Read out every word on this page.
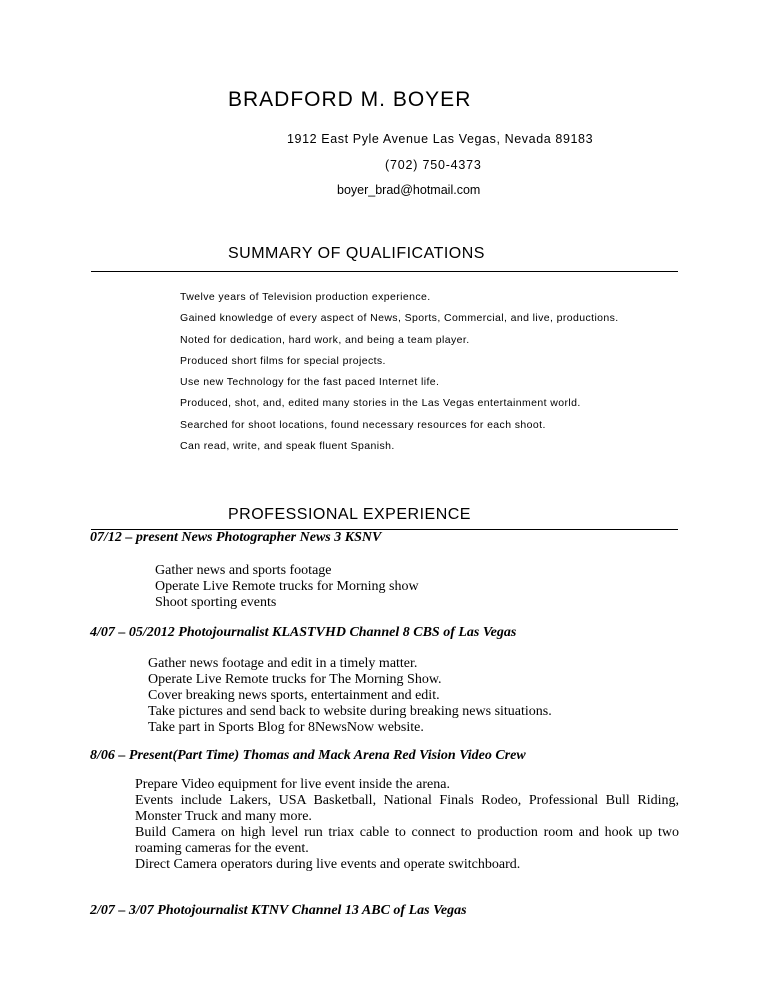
BRADFORD M. BOYER
1912 East Pyle Avenue Las Vegas, Nevada 89183
(702) 750-4373
boyer_brad@hotmail.com
SUMMARY OF QUALIFICATIONS
Twelve years of Television production experience.
Gained knowledge of every aspect of News, Sports, Commercial, and live, productions.
Noted for dedication, hard work, and being a team player.
Produced short films for special projects.
Use new Technology for the fast paced Internet life.
Produced, shot, and, edited many stories in the Las Vegas entertainment world.
Searched for shoot locations, found necessary resources for each shoot.
Can read, write, and speak fluent Spanish.
PROFESSIONAL EXPERIENCE
07/12 – present News Photographer News 3 KSNV
Gather news and sports footage
Operate Live Remote trucks for Morning show
Shoot sporting events
4/07 – 05/2012 Photojournalist KLASTVHD Channel 8 CBS of Las Vegas
Gather news footage and edit in a timely matter.
Operate Live Remote trucks for The Morning Show.
Cover breaking news sports, entertainment and edit.
Take pictures and send back to website during breaking news situations.
Take part in Sports Blog for 8NewsNow website.
8/06 – Present(Part Time) Thomas and Mack Arena Red Vision Video Crew
Prepare Video equipment for live event inside the arena.
Events include Lakers, USA Basketball, National Finals Rodeo, Professional Bull Riding, Monster Truck and many more.
Build Camera on high level run triax cable to connect to production room and hook up two roaming cameras for the event.
Direct Camera operators during live events and operate switchboard.
2/07 – 3/07 Photojournalist KTNV Channel 13 ABC of Las Vegas
